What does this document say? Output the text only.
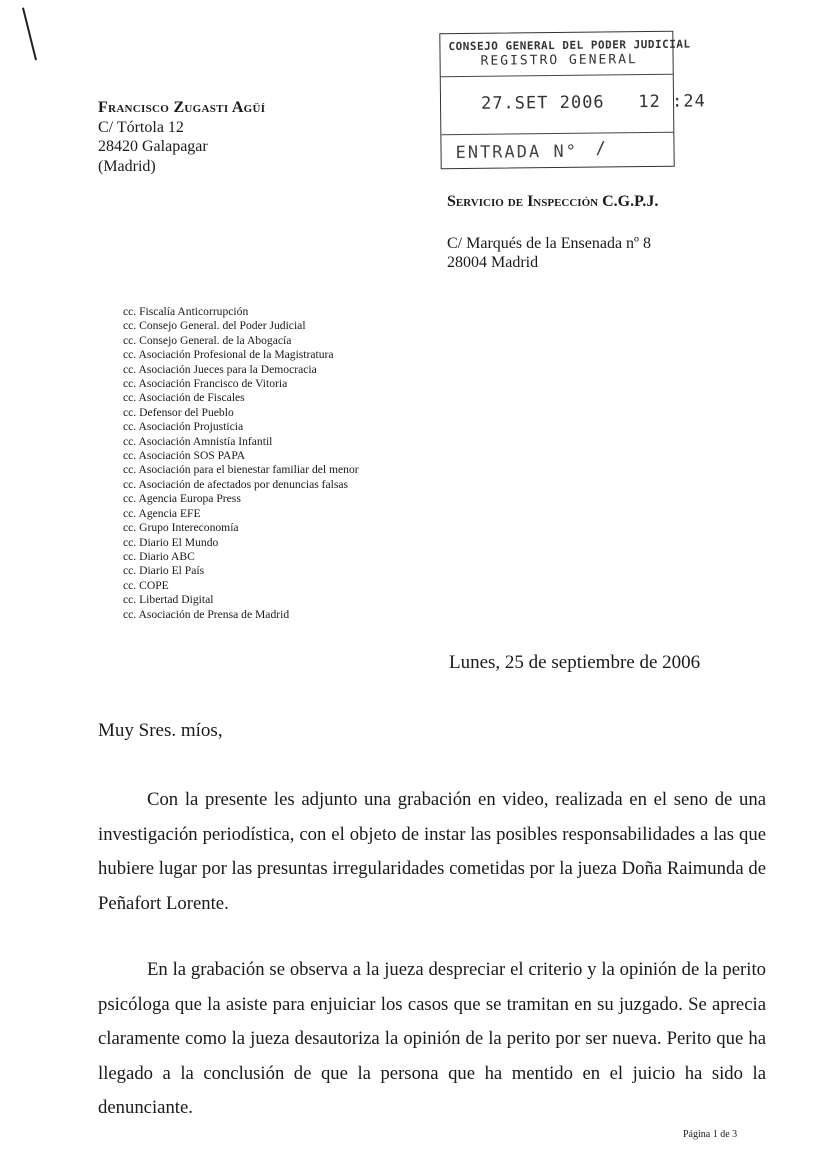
CONSEJO GENERAL DEL PODER JUDICIAL
REGISTRO GENERAL
27.SET 2006 12 :24
ENTRADA N° /
Francisco Zugasti Agüí
C/ Tórtola 12
28420 Galapagar
(Madrid)
Servicio de Inspección C.G.P.J.
C/ Marqués de la Ensenada nº 8
28004 Madrid
cc. Fiscalía Anticorrupción
cc. Consejo General. del Poder Judicial
cc. Consejo General. de la Abogacía
cc. Asociación Profesional de la Magistratura
cc. Asociación Jueces para la Democracia
cc. Asociación Francisco de Vitoria
cc. Asociación de Fiscales
cc. Defensor del Pueblo
cc. Asociación Projusticia
cc. Asociación Amnistía Infantil
cc. Asociación SOS PAPA
cc. Asociación para el bienestar familiar del menor
cc. Asociación de afectados por denuncias falsas
cc. Agencia Europa Press
cc. Agencia EFE
cc. Grupo Intereconomía
cc. Diario El Mundo
cc. Diario ABC
cc. Diario El País
cc. COPE
cc. Libertad Digital
cc. Asociación de Prensa de Madrid
Lunes, 25 de septiembre de 2006
Muy Sres. míos,

Con la presente les adjunto una grabación en video, realizada en el seno de una investigación periodística, con el objeto de instar las posibles responsabilidades a las que hubiere lugar por las presuntas irregularidades cometidas por la jueza Doña Raimunda de Peñafort Lorente.

En la grabación se observa a la jueza despreciar el criterio y la opinión de la perito psicóloga que la asiste para enjuiciar los casos que se tramitan en su juzgado. Se aprecia claramente como la jueza desautoriza la opinión de la perito por ser nueva. Perito que ha llegado a la conclusión de que la persona que ha mentido en el juicio ha sido la denunciante.

Página 1 de 3
